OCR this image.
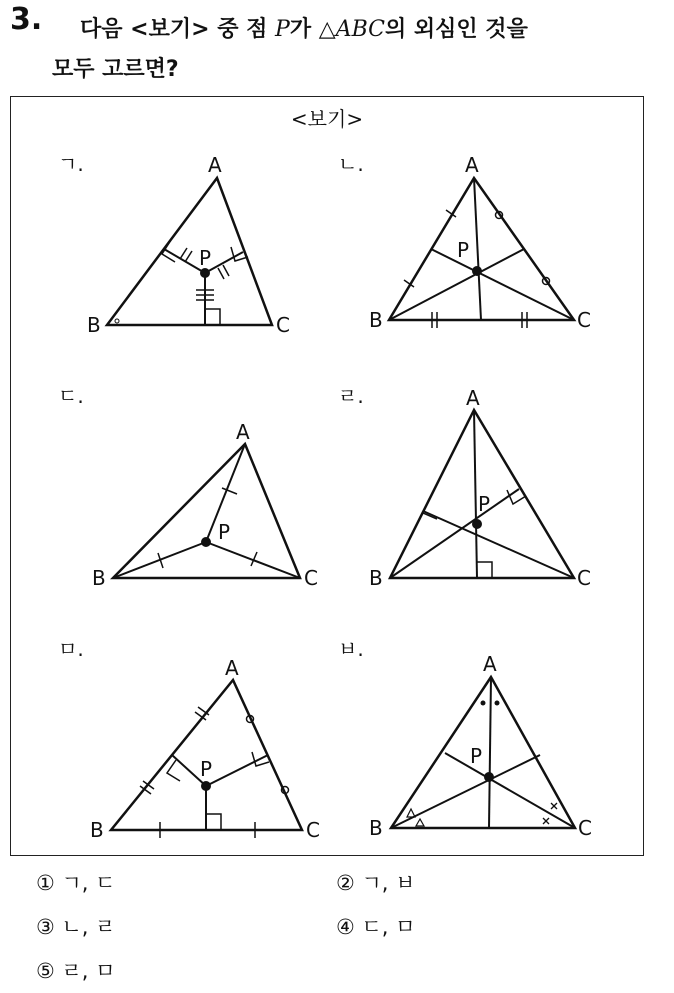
3. 다음 <보기> 중 점 P가 △ABC의 외심인 것을
모두 고르면?
<보기>
ㄱ.	ㄴ.
ㄷ.	ㄹ.
ㅁ.	ㅂ.
A
B	C
P
A
B	C
P
A
B	C
P
A
B	C
P
A
B	C
P
A
B	C
P
① ㄱ, ㄷ	② ㄱ, ㅂ
③ ㄴ, ㄹ	④ ㄷ, ㅁ
⑤ ㄹ, ㅁ
